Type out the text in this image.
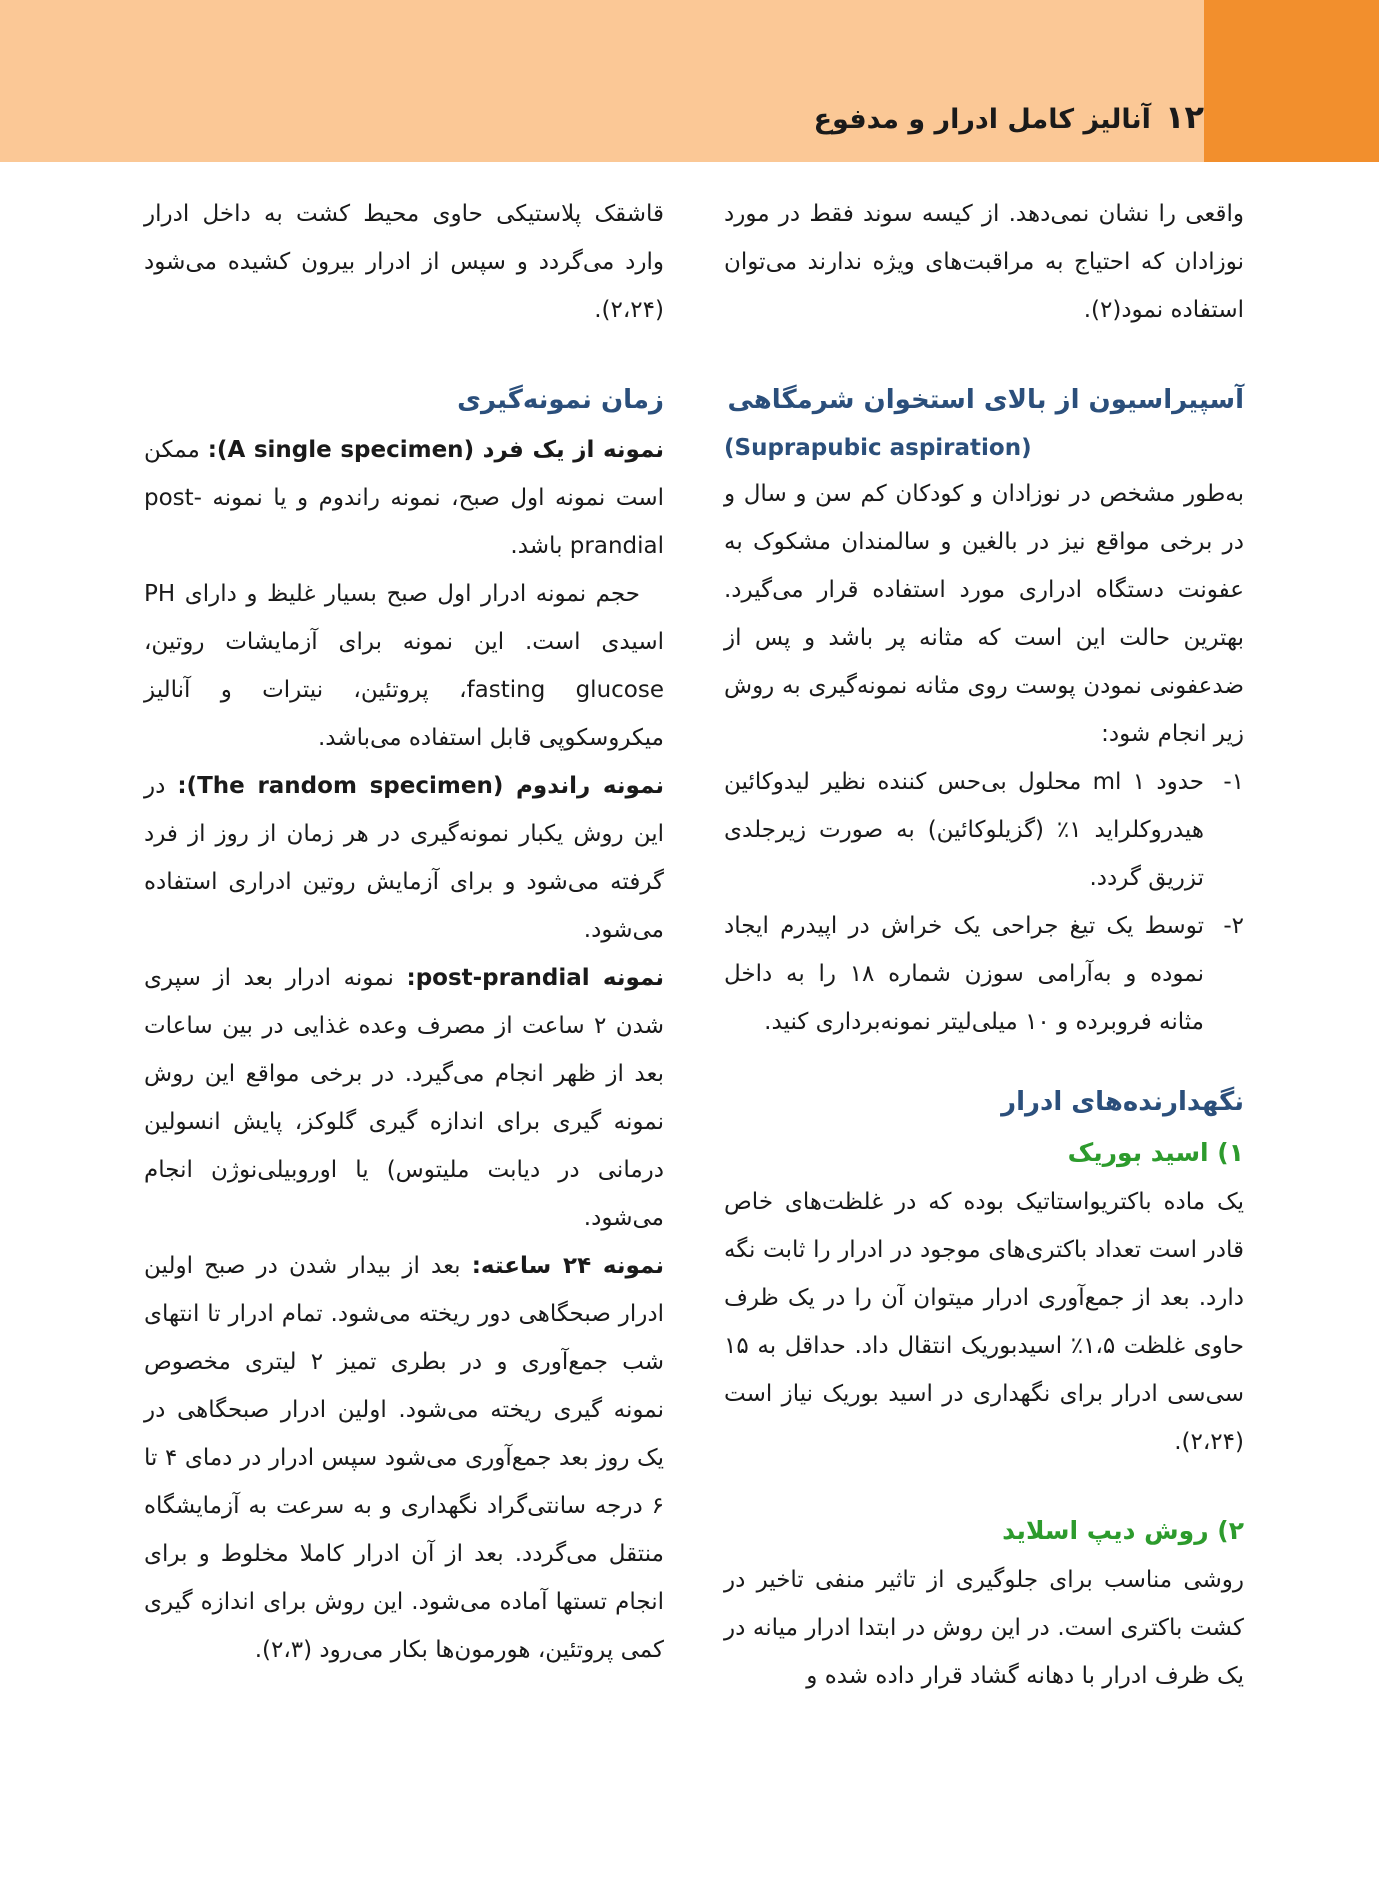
۱۲
آنالیز کامل ادرار و مدفوع

واقعی را نشان نمی‌دهد. از کیسه سوند فقط در مورد نوزادان که احتیاج به مراقبت‌های ویژه ندارند می‌توان استفاده نمود(۲).

آسپیراسیون از بالای استخوان شرمگاهی

(Suprapubic aspiration)

به‌طور مشخص در نوزادان و کودکان کم سن و سال و در برخی مواقع نیز در بالغین و سالمندان مشکوک به عفونت دستگاه ادراری مورد استفاده قرار می‌گیرد. بهترین حالت این است که مثانه پر باشد و پس از ضدعفونی نمودن پوست روی مثانه نمونه‌گیری به روش زیر انجام شود:

۱-
حدود ۱ ml محلول بی‌حس کننده نظیر لیدوکائین هیدروکلراید ۱٪ (گزیلوکائین) به صورت زیرجلدی تزریق گردد.
۲-
توسط یک تیغ جراحی یک خراش در اپیدرم ایجاد نموده و به‌آرامی سوزن شماره ۱۸ را به داخل مثانه فروبرده و ۱۰ میلی‌لیتر نمونه‌برداری کنید.

نگهدارنده‌های ادرار

۱) اسید بوریک

یک ماده باکتریواستاتیک بوده که در غلظت‌های خاص قادر است تعداد باکتری‌های موجود در ادرار را ثابت نگه دارد. بعد از جمع‌آوری ادرار میتوان آن را در یک ظرف حاوی غلظت ۱،۵٪ اسیدبوریک انتقال داد. حداقل به ۱۵ سی‌سی ادرار برای نگهداری در اسید بوریک نیاز است (۲،۲۴).

۲) روش دیپ اسلاید

روشی مناسب برای جلوگیری از تاثیر منفی تاخیر در کشت باکتری است. در این روش در ابتدا ادرار میانه در یک ظرف ادرار با دهانه گشاد قرار داده شده و

قاشقک پلاستیکی حاوی محیط کشت به داخل ادرار وارد می‌گردد و سپس از ادرار بیرون کشیده می‌شود (۲،۲۴).

زمان نمونه‌گیری

نمونه از یک فرد (A single specimen): ممکن است نمونه اول صبح، نمونه راندوم و یا نمونه post-prandial باشد.

حجم نمونه ادرار اول صبح بسیار غلیظ و دارای PH اسیدی است. این نمونه برای آزمایشات روتین، fasting glucose، پروتئین، نیترات و آنالیز میکروسکوپی قابل استفاده می‌باشد.

نمونه راندوم (The random specimen): در این روش یکبار نمونه‌گیری در هر زمان از روز از فرد گرفته می‌شود و برای آزمایش روتین ادراری استفاده می‌شود.

نمونه post-prandial: نمونه ادرار بعد از سپری شدن ۲ ساعت از مصرف وعده غذایی در بین ساعات بعد از ظهر انجام می‌گیرد. در برخی مواقع این روش نمونه گیری برای اندازه گیری گلوکز، پایش انسولین درمانی در دیابت ملیتوس) یا اوروبیلی‌نوژن انجام می‌شود.

نمونه ۲۴ ساعته: بعد از بیدار شدن در صبح اولین ادرار صبحگاهی دور ریخته می‌شود. تمام ادرار تا انتهای شب جمع‌آوری و در بطری تمیز ۲ لیتری مخصوص نمونه گیری ریخته می‌شود. اولین ادرار صبحگاهی در یک روز بعد جمع‌آوری می‌شود سپس ادرار در دمای ۴ تا ۶ درجه سانتی‌گراد نگهداری و به سرعت به آزمایشگاه منتقل می‌گردد. بعد از آن ادرار کاملا مخلوط و برای انجام تستها آماده می‌شود. این روش برای اندازه گیری کمی پروتئین، هورمون‌ها بکار می‌رود (۲،۳).
